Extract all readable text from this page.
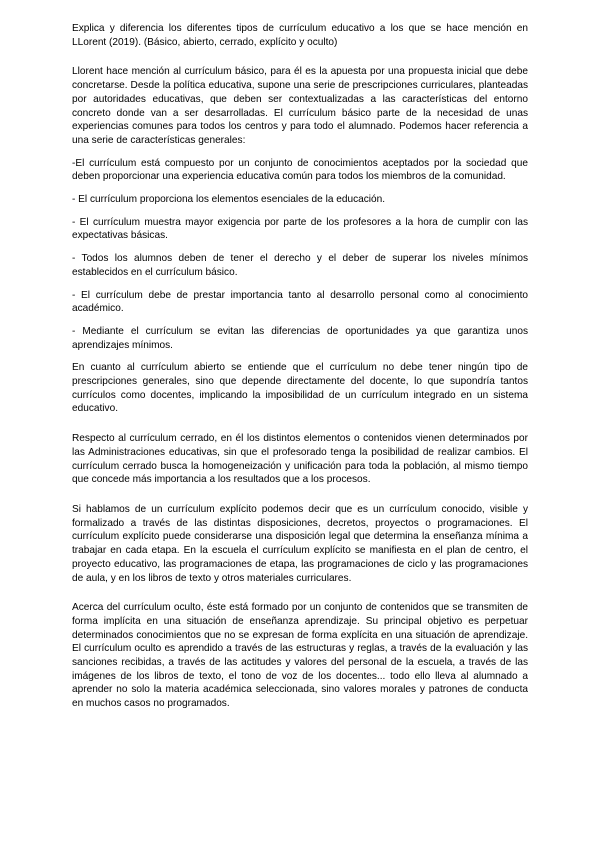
Explica y diferencia los diferentes tipos de currículum educativo a los que se hace mención en LLorent (2019). (Básico, abierto, cerrado, explícito y oculto)

Llorent hace mención al currículum básico, para él es la apuesta por una propuesta inicial que debe concretarse. Desde la política educativa, supone una serie de prescripciones curriculares, planteadas por autoridades educativas, que deben ser contextualizadas a las características del entorno concreto donde van a ser desarrolladas. El currículum básico parte de la necesidad de unas experiencias comunes para todos los centros y para todo el alumnado. Podemos hacer referencia a una serie de características generales:

-El currículum está compuesto por un conjunto de conocimientos aceptados por la sociedad que deben proporcionar una experiencia educativa común para todos los miembros de la comunidad.

- El currículum proporciona los elementos esenciales de la educación.

- El currículum muestra mayor exigencia por parte de los profesores a la hora de cumplir con las expectativas básicas.

- Todos los alumnos deben de tener el derecho y el deber de superar los niveles mínimos establecidos en el currículum básico.

- El currículum debe de prestar importancia tanto al desarrollo personal como al conocimiento académico.

- Mediante el currículum se evitan las diferencias de oportunidades ya que garantiza unos aprendizajes mínimos.

En cuanto al currículum abierto se entiende que el currículum no debe tener ningún tipo de prescripciones generales, sino que depende directamente del docente, lo que supondría tantos currículos como docentes, implicando la imposibilidad de un currículum integrado en un sistema educativo.

Respecto al currículum cerrado, en él los distintos elementos o contenidos vienen determinados por las Administraciones educativas, sin que el profesorado tenga la posibilidad de realizar cambios. El currículum cerrado busca la homogeneización y unificación para toda la población, al mismo tiempo que concede más importancia a los resultados que a los procesos.

Si hablamos de un currículum explícito podemos decir que es un currículum conocido, visible y formalizado a través de las distintas disposiciones, decretos, proyectos o programaciones. El currículum explícito puede considerarse una disposición legal que determina la enseñanza mínima a trabajar en cada etapa. En la escuela el currículum explícito se manifiesta en el plan de centro, el proyecto educativo, las programaciones de etapa, las programaciones de ciclo y las programaciones de aula, y en los libros de texto y otros materiales curriculares.

Acerca del currículum oculto, éste está formado por un conjunto de contenidos que se transmiten de forma implícita en una situación de enseñanza aprendizaje. Su principal objetivo es perpetuar determinados conocimientos que no se expresan de forma explícita en una situación de aprendizaje. El currículum oculto es aprendido a través de las estructuras y reglas, a través de la evaluación y las sanciones recibidas, a través de las actitudes y valores del personal de la escuela, a través de las imágenes de los libros de texto, el tono de voz de los docentes... todo ello lleva al alumnado a aprender no solo la materia académica seleccionada, sino valores morales y patrones de conducta en muchos casos no programados.
